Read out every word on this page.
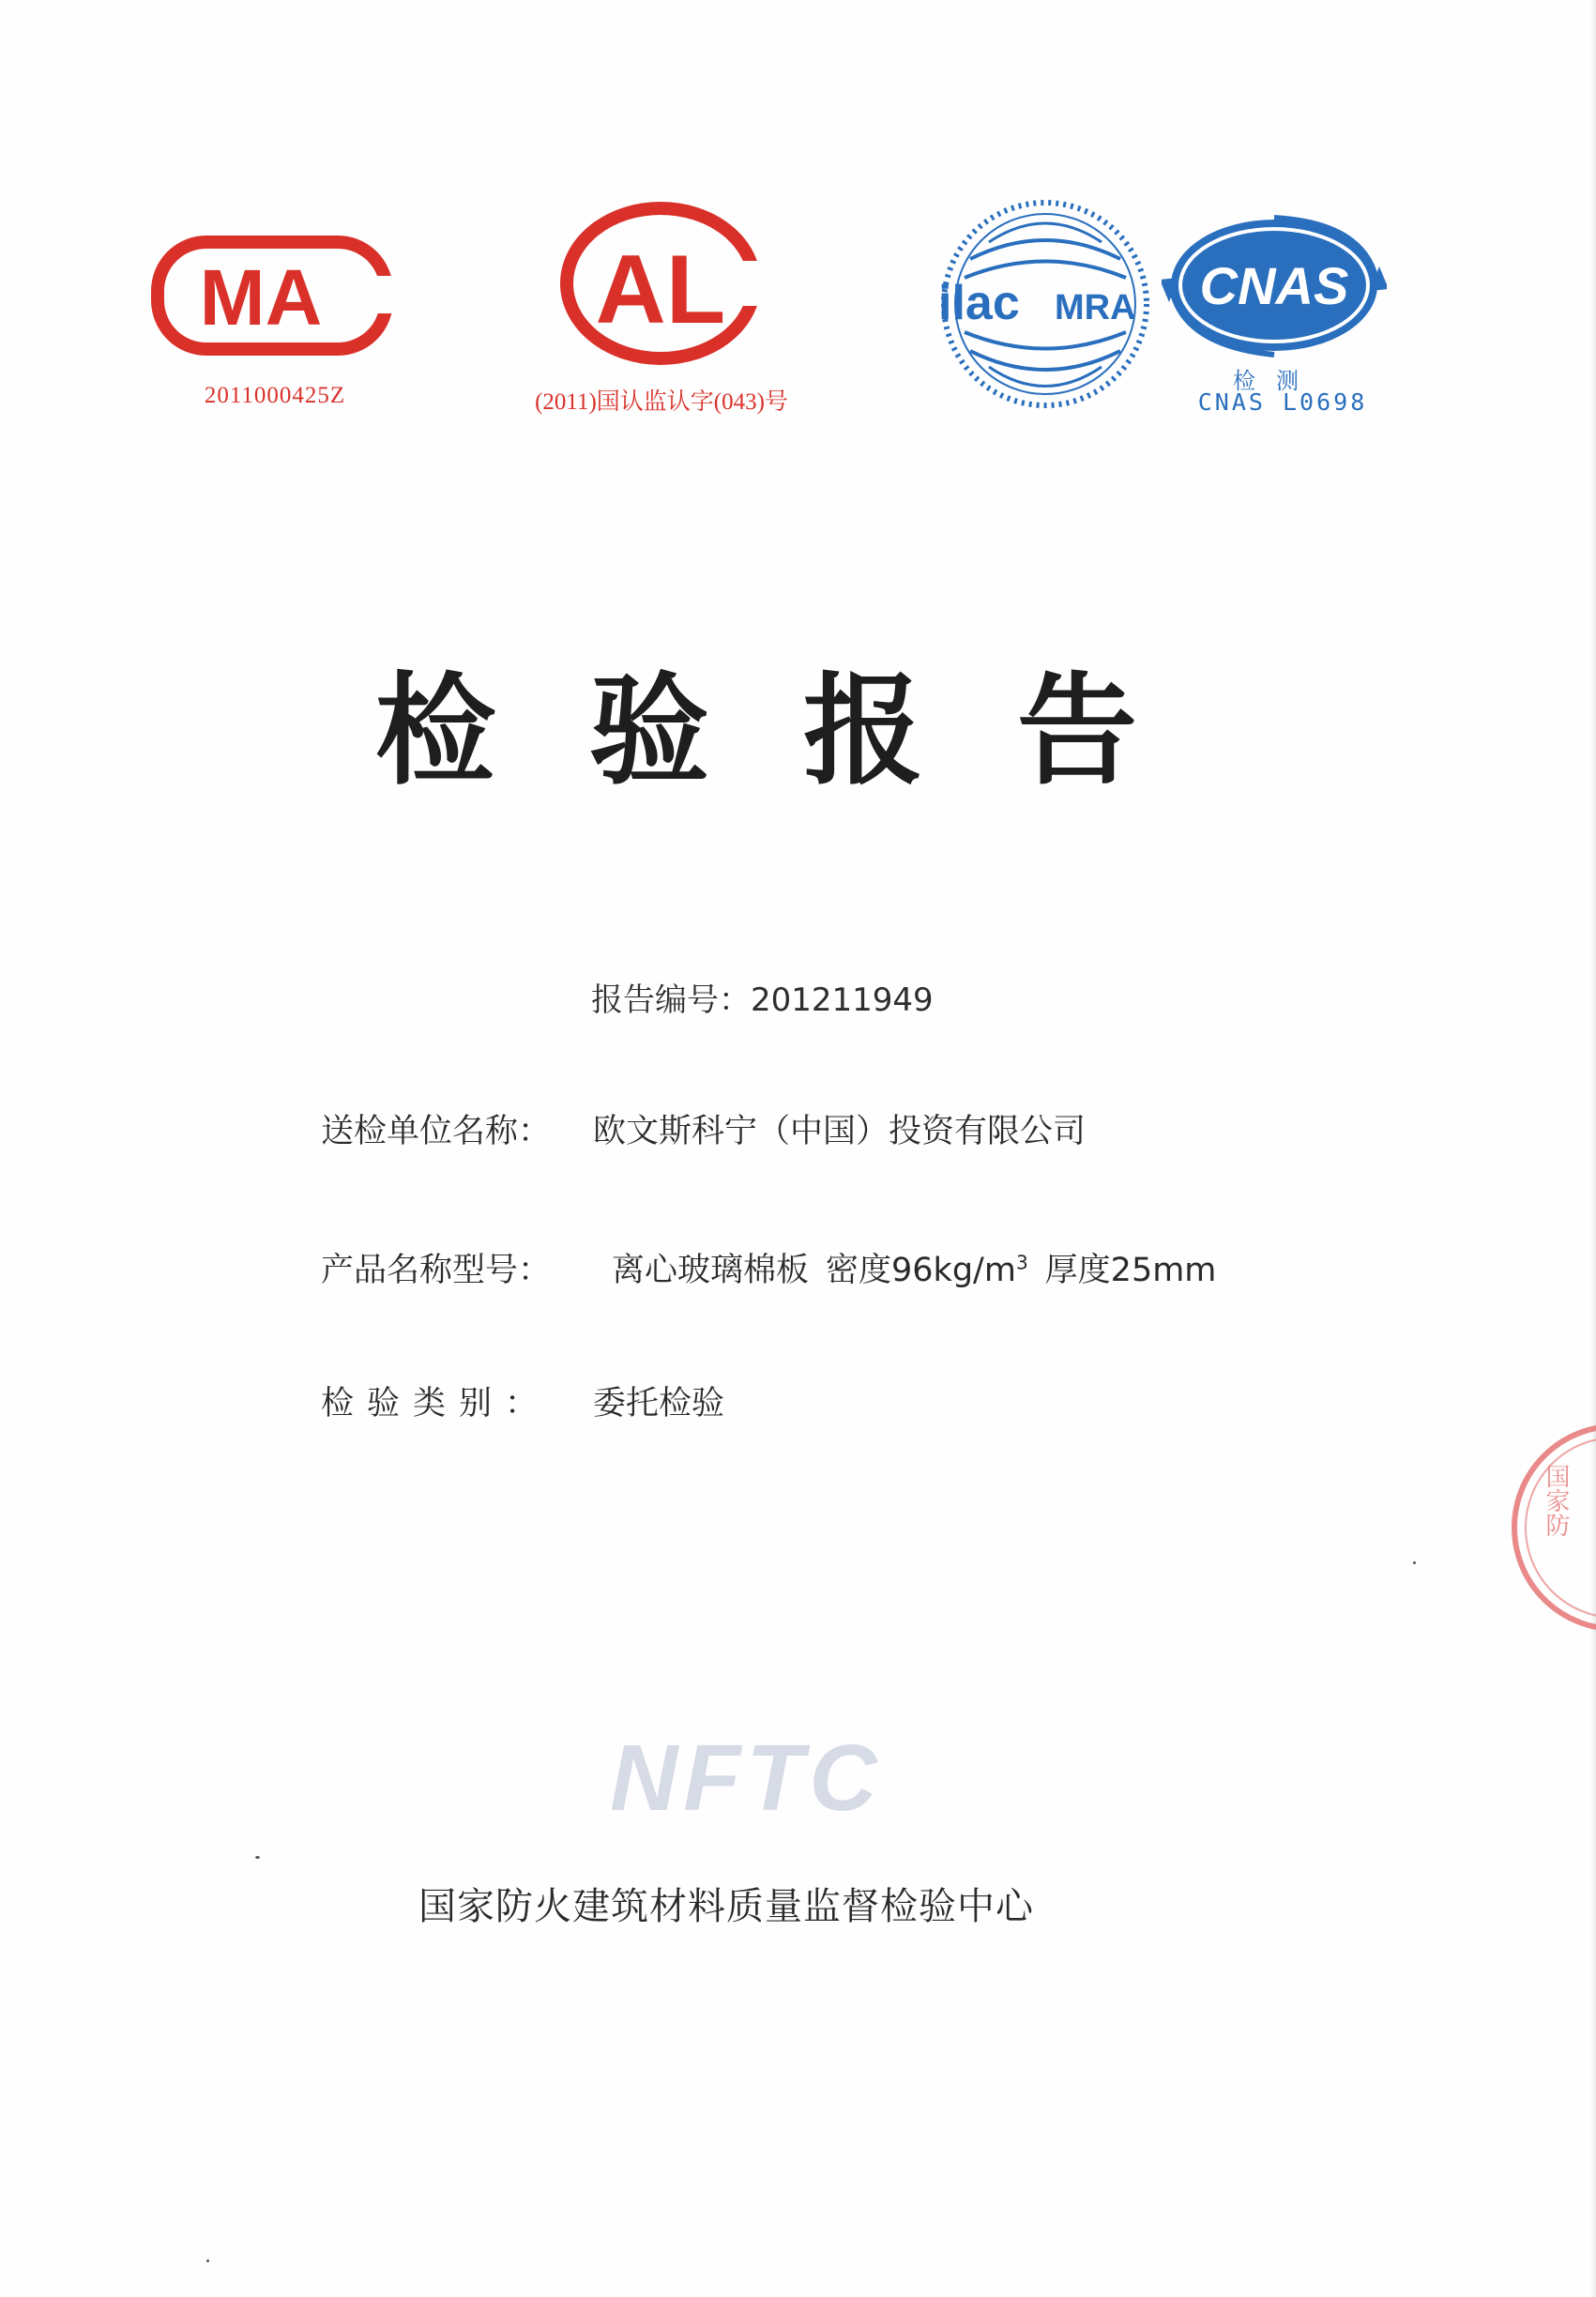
MA
2011000425Z
AL
(2011)国认监认字(043)号
ilac MRA CNAS
检测
CNAS L0698
检验报告
报告编号：201211949
送检单位名称： 欧文斯科宁（中国）投资有限公司
产品名称型号： 离心玻璃棉板 密度$96kg/m^3$ 厚度25mm
检验类别： 委托检验
NFTC
国家防火建筑材料质量监督检验中心
国家防
